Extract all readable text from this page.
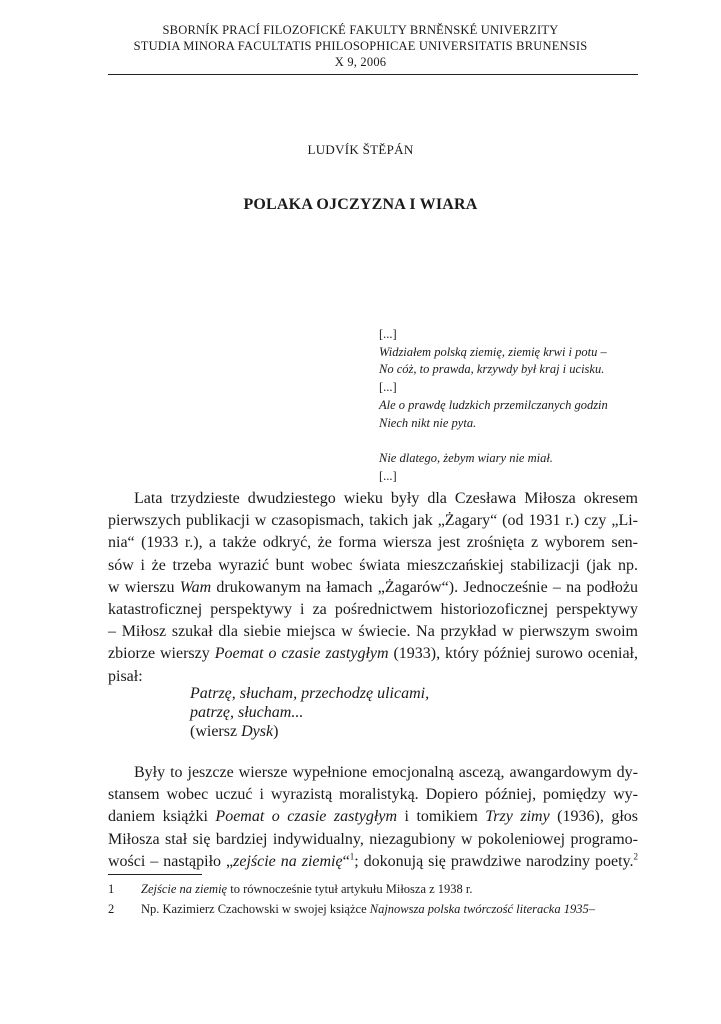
SBORNÍK PRACÍ FILOZOFICKÉ FAKULTY BRNĚNSKÉ UNIVERZITY
STUDIA MINORA FACULTATIS PHILOSOPHICAE UNIVERSITATIS BRUNENSIS
X 9, 2006
LUDVÍK ŠTĚPÁN
POLAKA OJCZYZNA I WIARA
[...]
Widziałem polską ziemię, ziemię krwi i potu –
No cóż, to prawda, krzywdy był kraj i ucisku.
[...]
Ale o prawdę ludzkich przemilczanych godzin
Niech nikt nie pyta.
Nie dlatego, żebym wiary nie miał.
[...]
Lata trzydzieste dwudziestego wieku były dla Czesława Miłosza okresem
pierwszych publikacji w czasopismach, takich jak „Żagary“ (od 1931 r.) czy „Li-
nia“ (1933 r.), a także odkryć, że forma wiersza jest zrośnięta z wyborem sen-
sów i że trzeba wyrazić bunt wobec świata mieszczańskiej stabilizacji (jak np.
w wierszu Wam drukowanym na łamach „Żagarów“). Jednocześnie – na podłożu
katastroficznej perspektywy i za pośrednictwem historiozoficznej perspektywy
– Miłosz szukał dla siebie miejsca w świecie. Na przykład w pierwszym swoim
zbiorze wierszy Poemat o czasie zastygłym (1933), który później surowo oceniał,
pisał:
Patrzę, słucham, przechodzę ulicami,
patrzę, słucham...
(wiersz Dysk)
Były to jeszcze wiersze wypełnione emocjonalną ascezą, awangardowym dy-
stansem wobec uczuć i wyrazistą moralistyką. Dopiero później, pomiędzy wy-
daniem książki Poemat o czasie zastygłym i tomikiem Trzy zimy (1936), głos
Miłosza stał się bardziej indywidualny, niezagubiony w pokoleniowej programo-
wości – nastąpiło „zejście na ziemię“$^1$; dokonują się prawdziwe narodziny poety.$^2$
1 Zejście na ziemię to równocześnie tytuł artykułu Miłosza z 1938 r.
2 Np. Kazimierz Czachowski w swojej książce Najnowsza polska twórczość literacka 1935–
